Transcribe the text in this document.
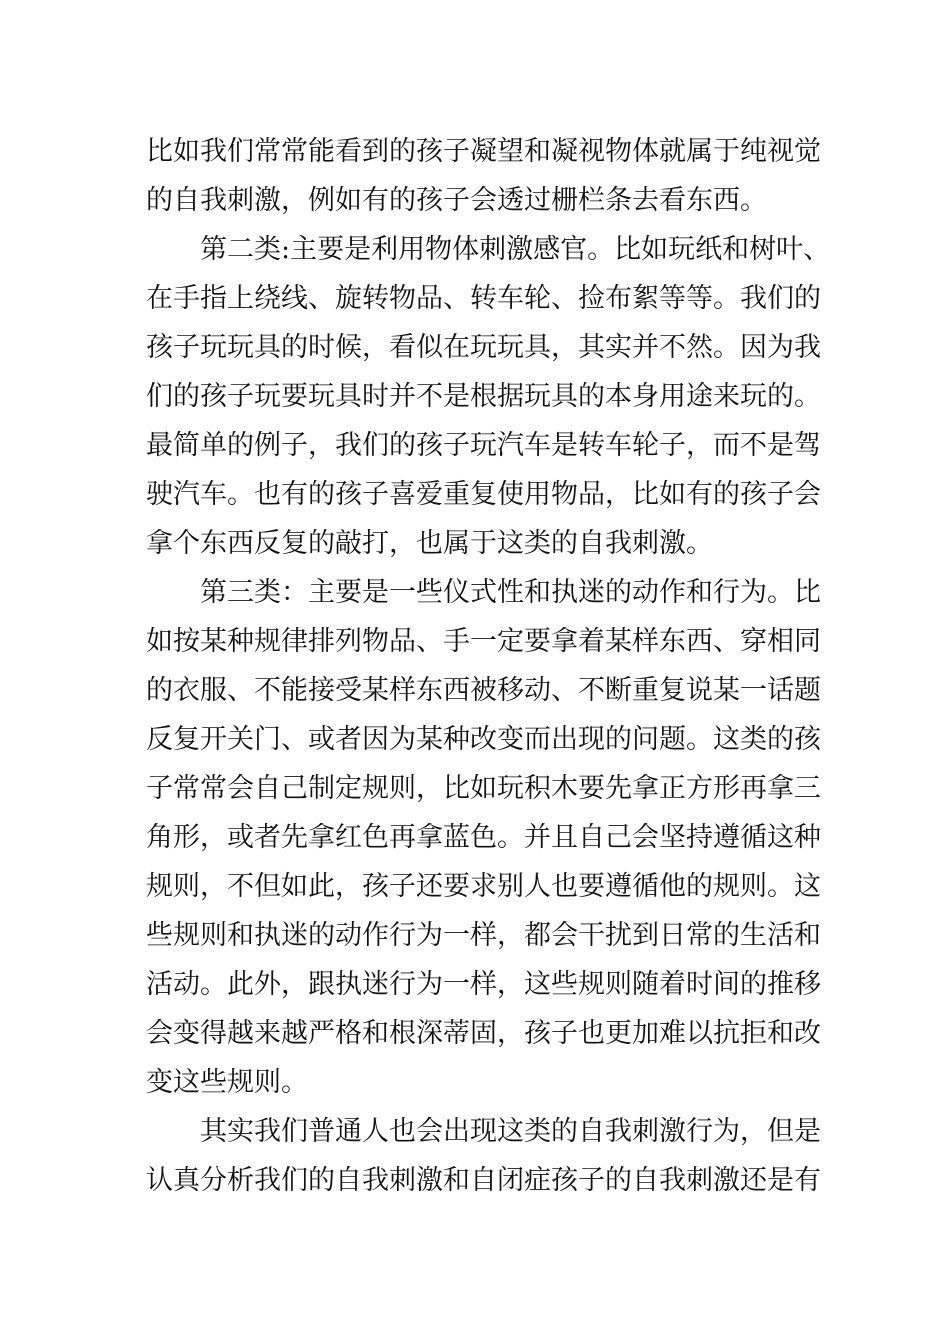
比如我们常常能看到的孩子凝望和凝视物体就属于纯视觉
的自我刺激，例如有的孩子会透过栅栏条去看东西。
第二类:主要是利用物体刺激感官。比如玩纸和树叶、
在手指上绕线、旋转物品、转车轮、捡布絮等等。我们的
孩子玩玩具的时候，看似在玩玩具，其实并不然。因为我
们的孩子玩要玩具时并不是根据玩具的本身用途来玩的。
最简单的例子，我们的孩子玩汽车是转车轮子，而不是驾
驶汽车。也有的孩子喜爱重复使用物品，比如有的孩子会
拿个东西反复的敲打，也属于这类的自我刺激。
第三类：主要是一些仪式性和执迷的动作和行为。比
如按某种规律排列物品、手一定要拿着某样东西、穿相同
的衣服、不能接受某样东西被移动、不断重复说某一话题
反复开关门、或者因为某种改变而出现的问题。这类的孩
子常常会自己制定规则，比如玩积木要先拿正方形再拿三
角形，或者先拿红色再拿蓝色。并且自己会坚持遵循这种
规则，不但如此，孩子还要求别人也要遵循他的规则。这
些规则和执迷的动作行为一样，都会干扰到日常的生活和
活动。此外，跟执迷行为一样，这些规则随着时间的推移
会变得越来越严格和根深蒂固，孩子也更加难以抗拒和改
变这些规则。
其实我们普通人也会出现这类的自我刺激行为，但是
认真分析我们的自我刺激和自闭症孩子的自我刺激还是有
